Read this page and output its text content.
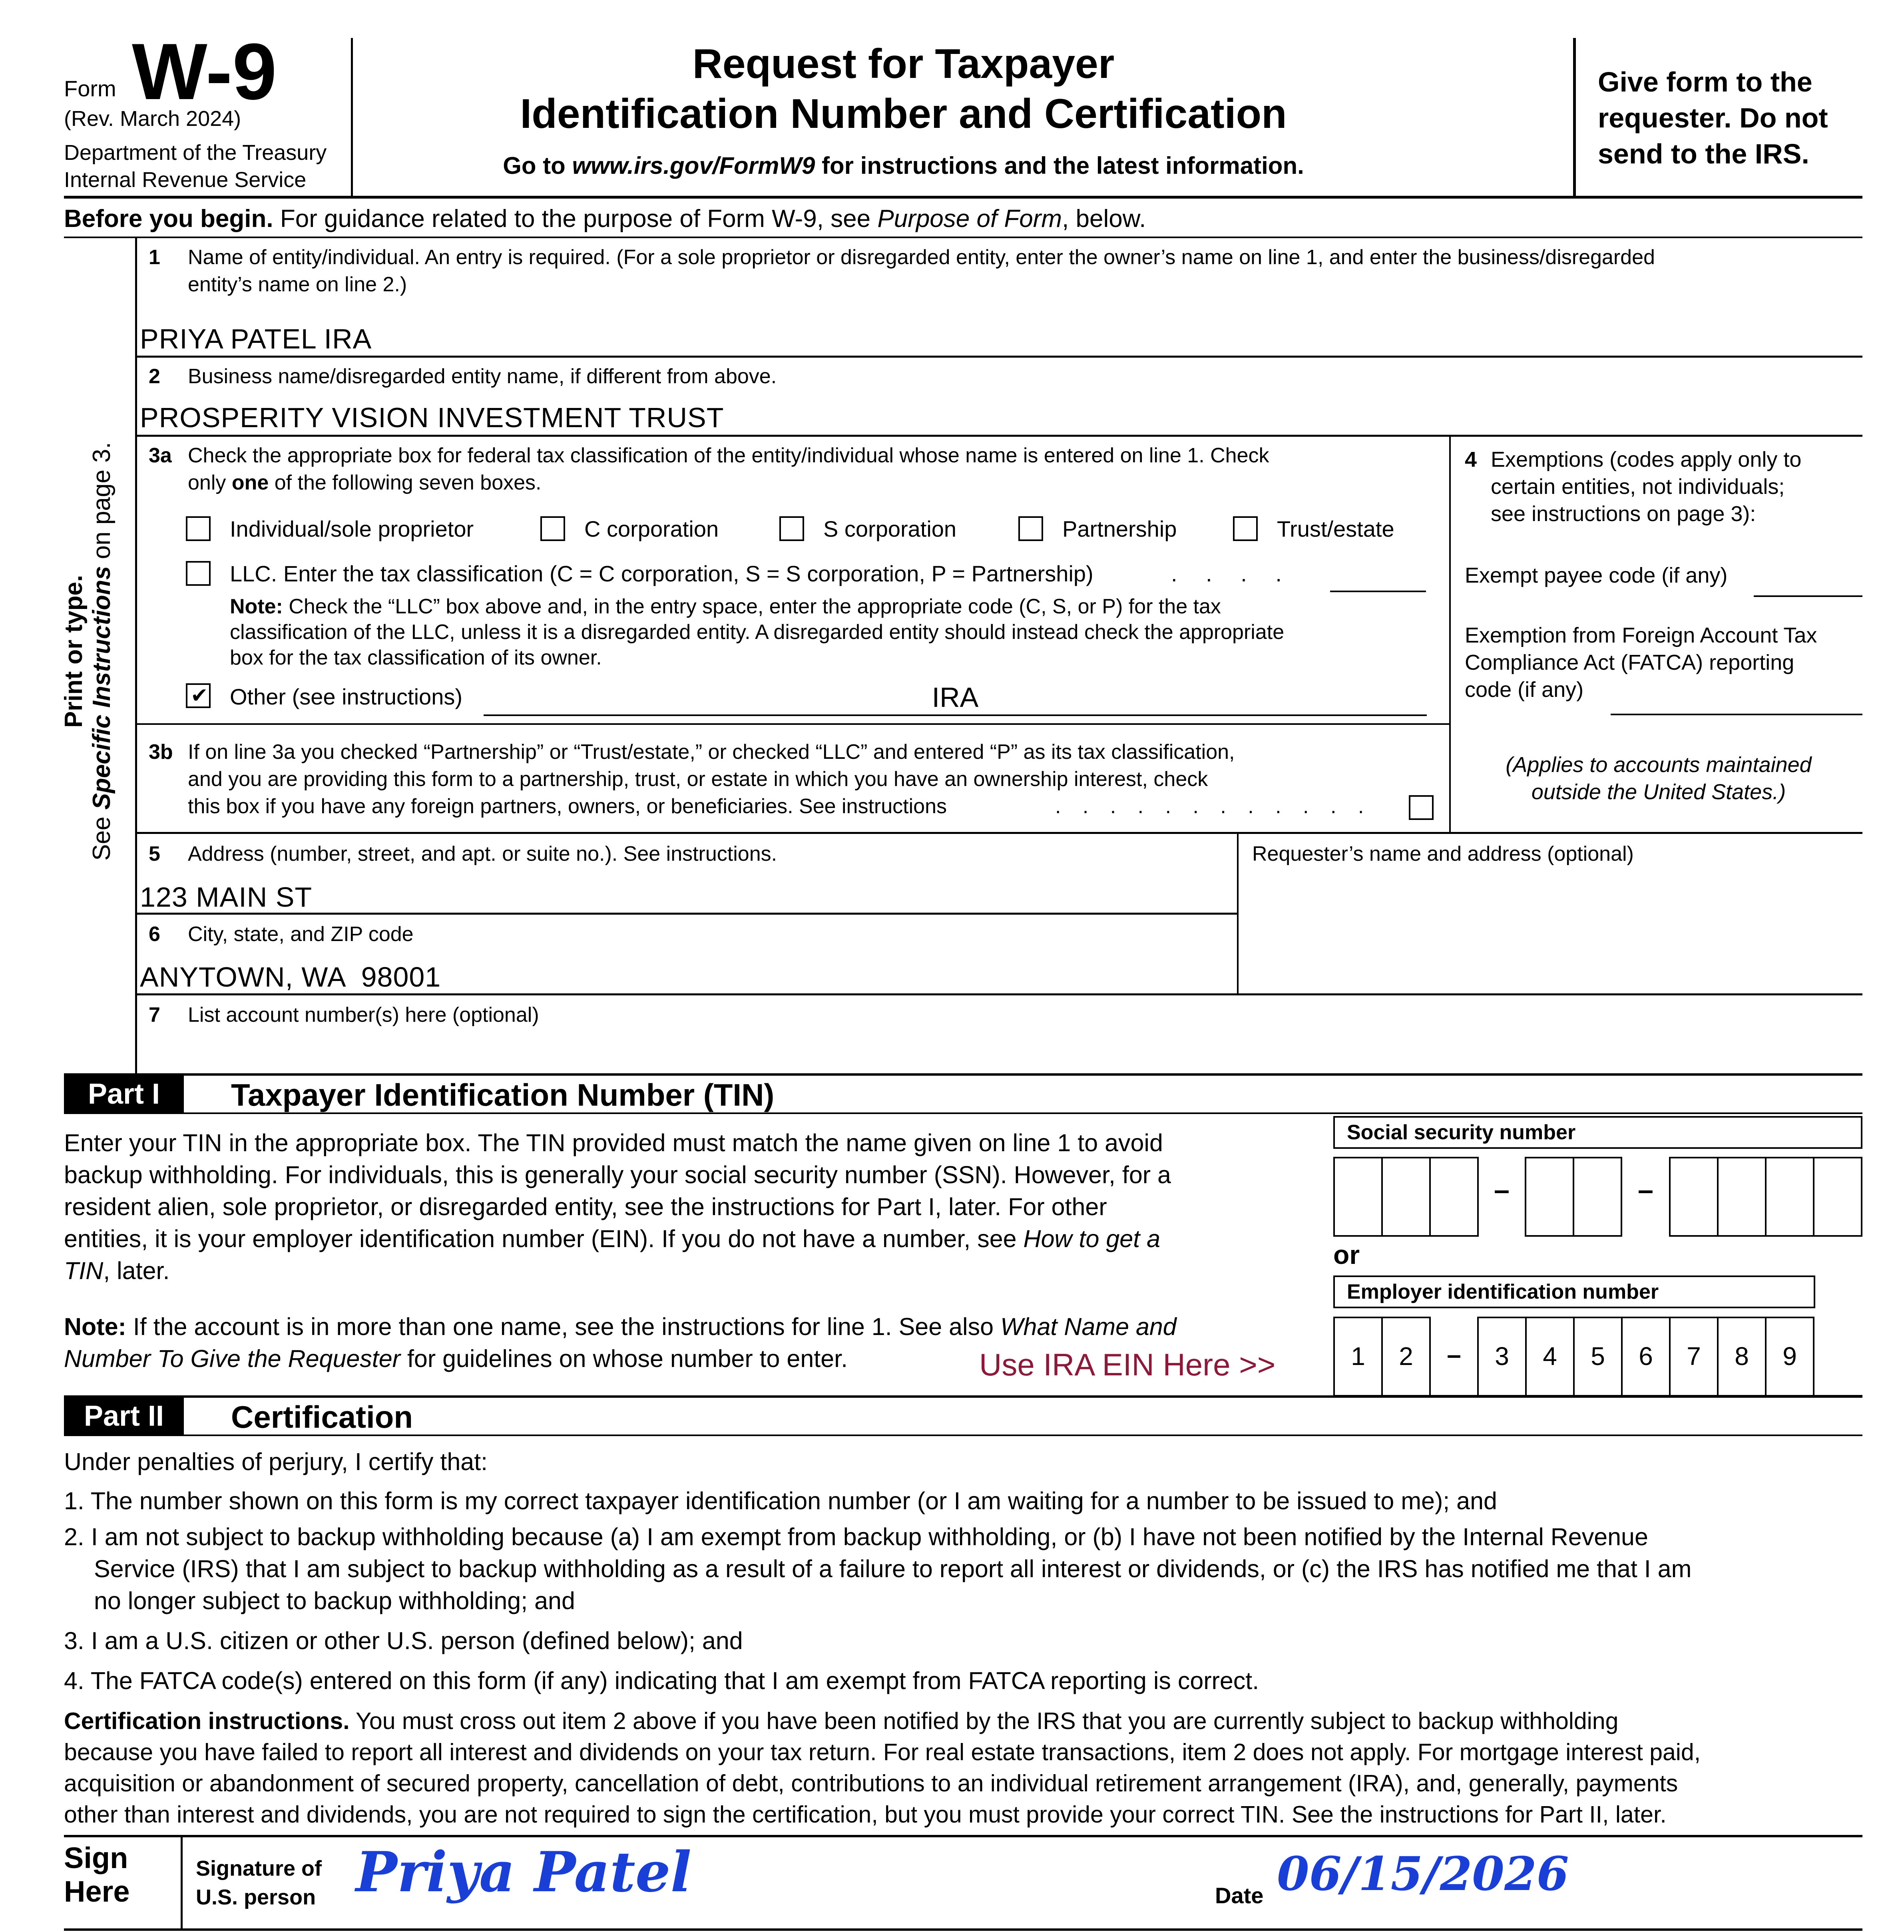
Form W-9
(Rev. March 2024)
Department of the Treasury
Internal Revenue Service
Request for Taxpayer
Identification Number and Certification
Go to www.irs.gov/FormW9 for instructions and the latest information.
Give form to the
requester. Do not
send to the IRS.
Before you begin. For guidance related to the purpose of Form W-9, see Purpose of Form, below.
Print or type.
See Specific Instructions on page 3.
1 Name of entity/individual. An entry is required. (For a sole proprietor or disregarded entity, enter the owner’s name on line 1, and enter the business/disregarded
entity’s name on line 2.)
PRIYA PATEL IRA
2 Business name/disregarded entity name, if different from above.
PROSPERITY VISION INVESTMENT TRUST
3a Check the appropriate box for federal tax classification of the entity/individual whose name is entered on line 1. Check
only one of the following seven boxes.
Individual/sole proprietor	C corporation	S corporation	Partnership	Trust/estate
LLC. Enter the tax classification (C = C corporation, S = S corporation, P = Partnership)	. . . .
Note: Check the “LLC” box above and, in the entry space, enter the appropriate code (C, S, or P) for the tax
classification of the LLC, unless it is a disregarded entity. A disregarded entity should instead check the appropriate
box for the tax classification of its owner.
✔ Other (see instructions)	IRA
3b If on line 3a you checked “Partnership” or “Trust/estate,” or checked “LLC” and entered “P” as its tax classification,
and you are providing this form to a partnership, trust, or estate in which you have an ownership interest, check
this box if you have any foreign partners, owners, or beneficiaries. See instructions	. . . . . . . . . . . .
4 Exemptions (codes apply only to
certain entities, not individuals;
see instructions on page 3):
Exempt payee code (if any)
Exemption from Foreign Account Tax
Compliance Act (FATCA) reporting
code (if any)
(Applies to accounts maintained
outside the United States.)
5 Address (number, street, and apt. or suite no.). See instructions.
123 MAIN ST
Requester’s name and address (optional)
6 City, state, and ZIP code
ANYTOWN, WA  98001
7 List account number(s) here (optional)
Part I	Taxpayer Identification Number (TIN)
Enter your TIN in the appropriate box. The TIN provided must match the name given on line 1 to avoid
backup withholding. For individuals, this is generally your social security number (SSN). However, for a
resident alien, sole proprietor, or disregarded entity, see the instructions for Part I, later. For other
entities, it is your employer identification number (EIN). If you do not have a number, see How to get a
TIN, later.
Note: If the account is in more than one name, see the instructions for line 1. See also What Name and
Number To Give the Requester for guidelines on whose number to enter.	Use IRA EIN Here >>
Social security number
–	–
or
Employer identification number
1	2	–	3	4	5	6	7	8	9
Part II	Certification
Under penalties of perjury, I certify that:
1. The number shown on this form is my correct taxpayer identification number (or I am waiting for a number to be issued to me); and
2. I am not subject to backup withholding because (a) I am exempt from backup withholding, or (b) I have not been notified by the Internal Revenue
Service (IRS) that I am subject to backup withholding as a result of a failure to report all interest or dividends, or (c) the IRS has notified me that I am
no longer subject to backup withholding; and
3. I am a U.S. citizen or other U.S. person (defined below); and
4. The FATCA code(s) entered on this form (if any) indicating that I am exempt from FATCA reporting is correct.
Certification instructions. You must cross out item 2 above if you have been notified by the IRS that you are currently subject to backup withholding
because you have failed to report all interest and dividends on your tax return. For real estate transactions, item 2 does not apply. For mortgage interest paid,
acquisition or abandonment of secured property, cancellation of debt, contributions to an individual retirement arrangement (IRA), and, generally, payments
other than interest and dividends, you are not required to sign the certification, but you must provide your correct TIN. See the instructions for Part II, later.
Sign
Here
Signature of
U.S. person Priya Patel	Date 06/15/2026
